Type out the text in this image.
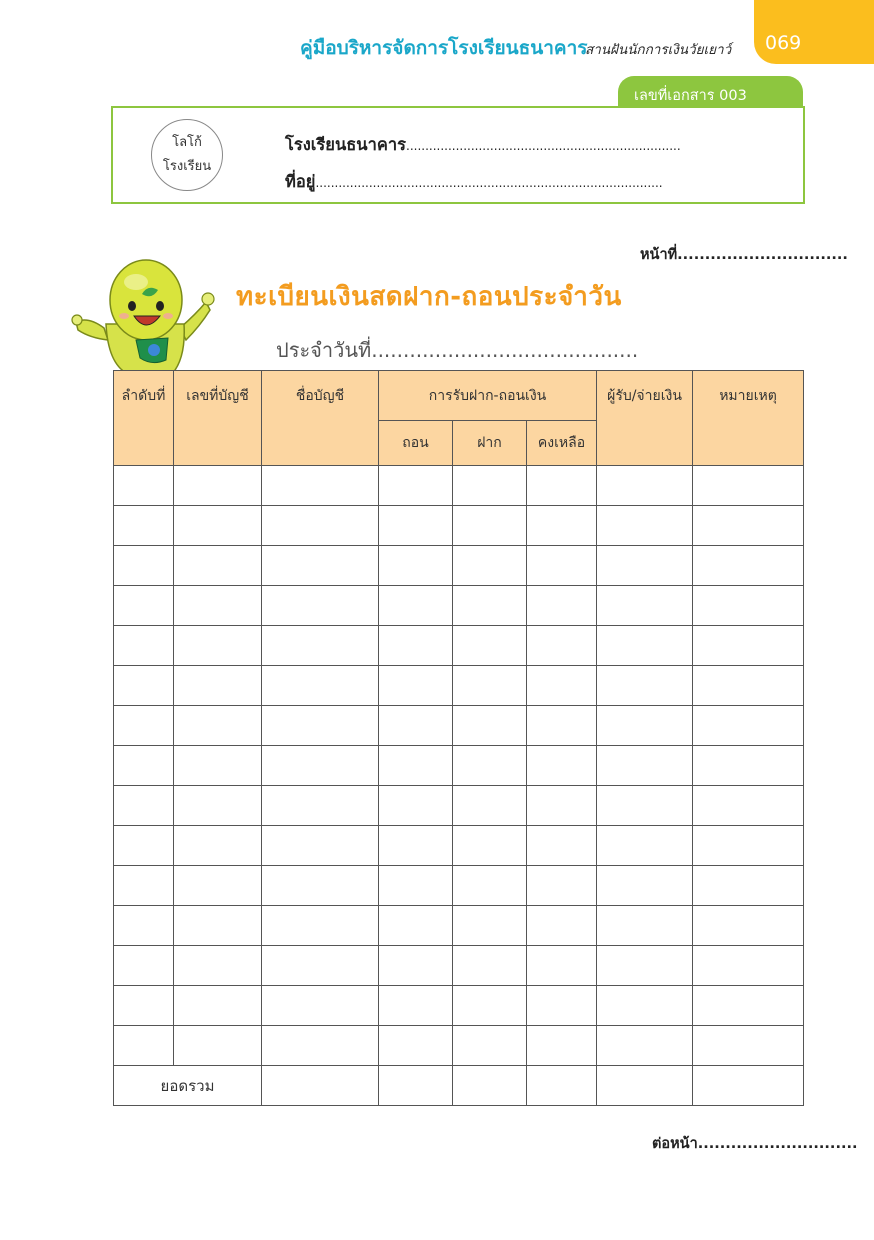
คู่มือบริหารจัดการโรงเรียนธนาคาร
สานฝันนักการเงินวัยเยาว์ 069
เลขที่เอกสาร 003
โลโก้
โรงเรียน
โรงเรียนธนาคาร........................................................................
ที่อยู่...........................................................................................
หน้าที่...............................
ทะเบียนเงินสดฝาก-ถอนประจำวัน
ประจำวันที่..........................................
ลำดับที่	เลขที่บัญชี	ชื่อบัญชี	การรับฝาก-ถอนเงิน			ผู้รับ/จ่ายเงิน	หมายเหตุ
			ถอน	ฝาก	คงเหลือ		

ยอดรวม							
ต่อหน้า.............................
